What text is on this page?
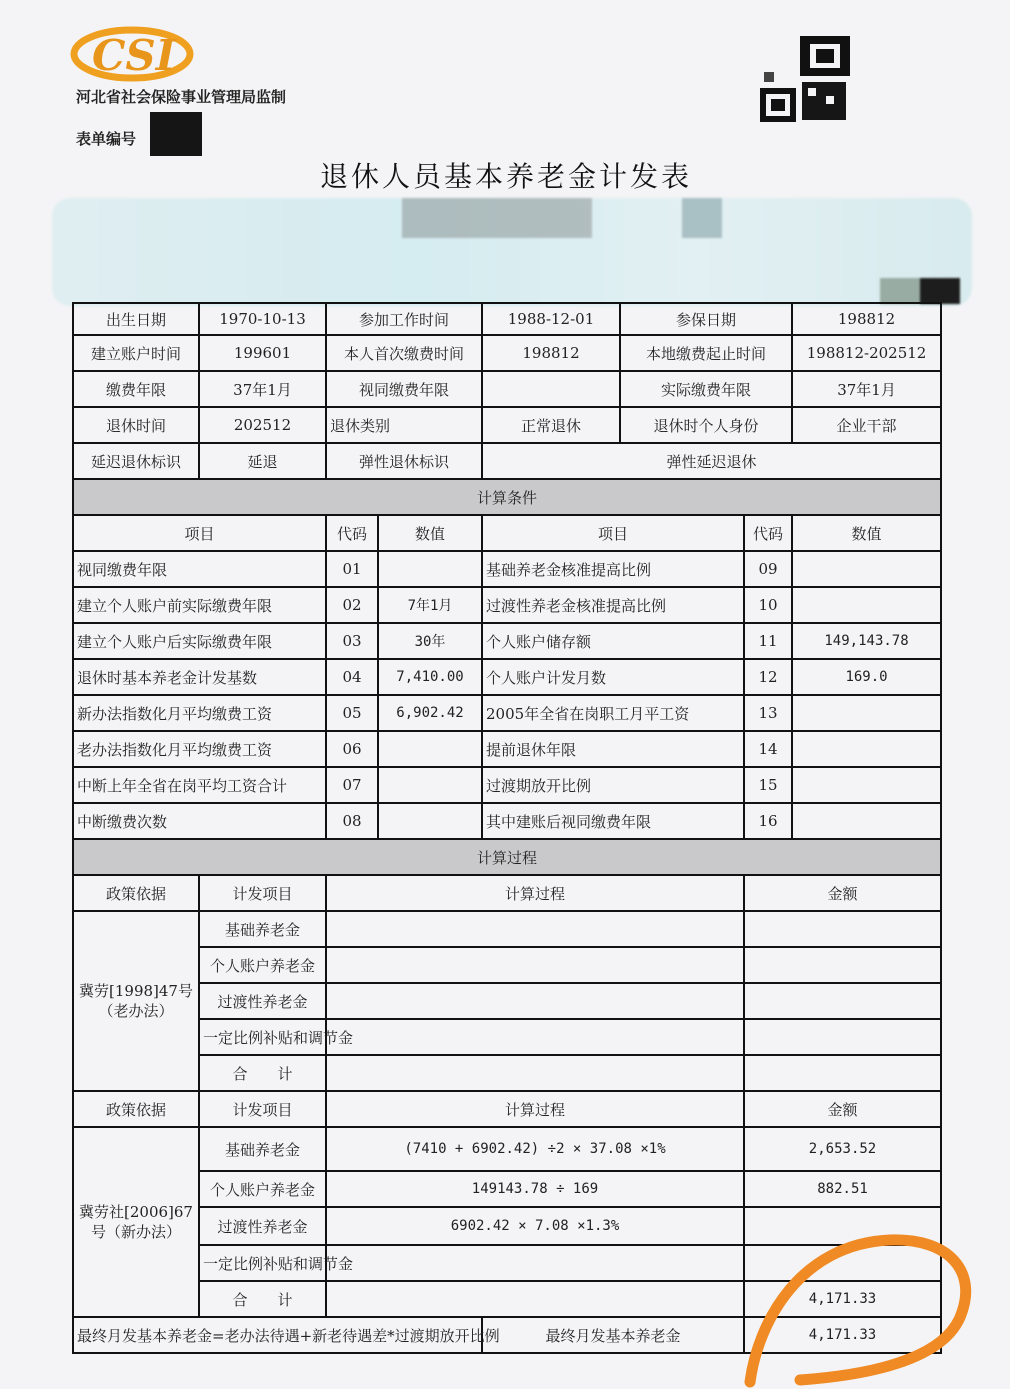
CSI
河北省社会保险事业管理局监制
表单编号
退休人员基本养老金计发表
出生日期	1970-10-13	参加工作时间		1988-12-01	参保日期		198812
建立账户时间	199601	本人首次缴费时间		198812	本地缴费起止时间		198812-202512
缴费年限	37年1月	视同缴费年限			实际缴费年限		37年1月
退休时间	202512	退休类别		正常退休	退休时个人身份		企业干部
延迟退休标识	延退	弹性退休标识		弹性延迟退休			
计算条件							
项目		代码	数值	项目		代码	数值
视同缴费年限		01		基础养老金核准提高比例		09	
建立个人账户前实际缴费年限		02	7年1月	过渡性养老金核准提高比例		10	
建立个人账户后实际缴费年限		03	30年	个人账户储存额		11	149,143.78
退休时基本养老金计发基数		04	7,410.00	个人账户计发月数		12	169.0
新办法指数化月平均缴费工资		05	6,902.42	2005年全省在岗职工月平工资		13	
老办法指数化月平均缴费工资		06		提前退休年限		14	
中断上年全省在岗平均工资合计		07		过渡期放开比例		15	
中断缴费次数		08		其中建账后视同缴费年限		16	
计算过程							
政策依据	计发项目	计算过程				金额	
冀劳[1998]47号（老办法）	基础养老金						
	个人账户养老金						
	过渡性养老金						
	一定比例补贴和调节金						
	合　　计						
政策依据	计发项目	计算过程				金额	
冀劳社[2006]67号（新办法）	基础养老金	(7410 + 6902.42) ÷2 × 37.08 ×1%				2,653.52	
	个人账户养老金	149143.78 ÷ 169				882.51	
	过渡性养老金	6902.42 × 7.08 ×1.3%					
	一定比例补贴和调节金						
	合　　计					4,171.33	
最终月发基本养老金=老办法待遇+新老待遇差*过渡期放开比例				最终月发基本养老金		4,171.33	
